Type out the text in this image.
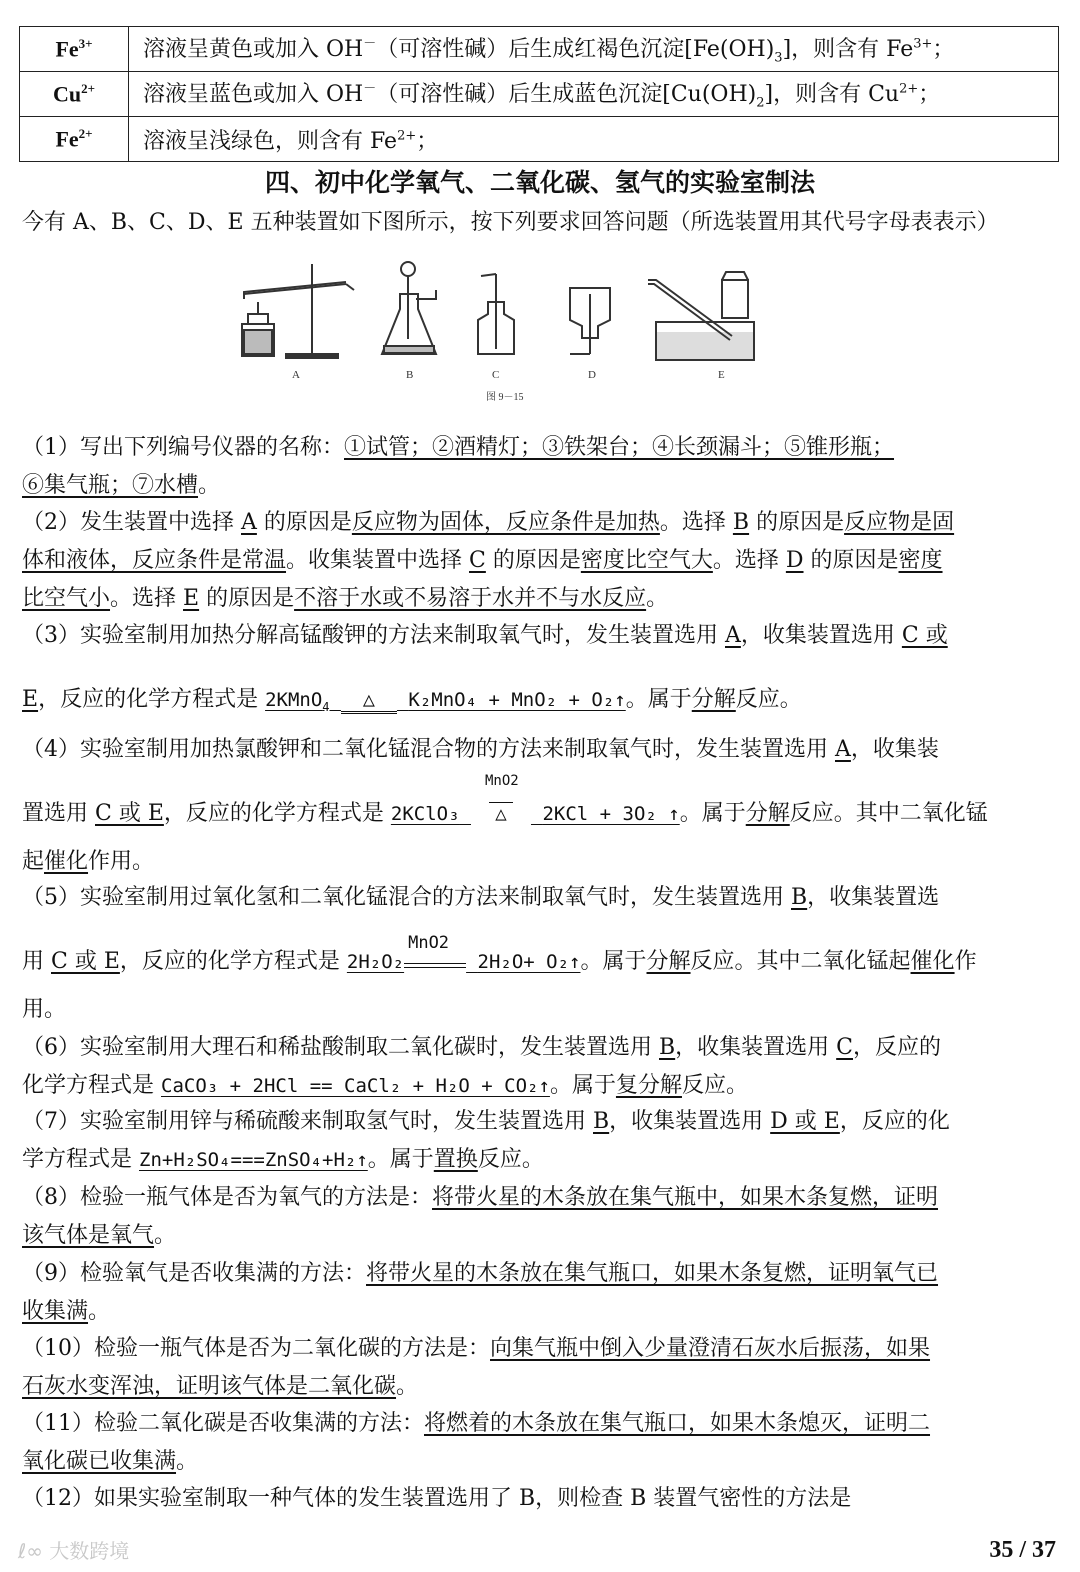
$Fe^{3+}$	溶液呈黄色或加入 OH－（可溶性碱）后生成红褐色沉淀$[Fe(OH)_3]$，则含有 $Fe^{3+}$；
$Cu^{2+}$	溶液呈蓝色或加入 OH－（可溶性碱）后生成蓝色沉淀$[Cu(OH)_2]$，则含有 $Cu^{2+}$；
$Fe^{2+}$	溶液呈浅绿色，则含有 $Fe^{2+}$；
四、初中化学氧气、二氧化碳、氢气的实验室制法
今有 A、B、C、D、E 五种装置如下图所示，按下列要求回答问题（所选装置用其代号字母表表示）
A	B	C	D	E
图 9－15
（1）写出下列编号仪器的名称：①试管；②酒精灯；③铁架台；④长颈漏斗；⑤锥形瓶；
⑥集气瓶；⑦水槽。
（2）发生装置中选择 A 的原因是反应物为固体，反应条件是加热。选择 B 的原因是反应物是固
体和液体，反应条件是常温。收集装置中选择 C 的原因是密度比空气大。选择 D 的原因是密度
比空气小。选择 E 的原因是不溶于水或不易溶于水并不与水反应。
（3）实验室制用加热分解高锰酸钾的方法来制取氧气时，发生装置选用 A，收集装置选用 C 或
E，反应的化学方程式是 2KMnO$_4$ △ K₂MnO₄ + MnO₂ + O₂↑。属于分解反应。
（4）实验室制用加热氯酸钾和二氧化锰混合物的方法来制取氧气时，发生装置选用 A，收集装
置选用 C 或 E，反应的化学方程式是 2KClO₃
MnO2
△ 2KCl + 3O₂ ↑。属于分解反应。其中二氧化锰
起催化作用。
（5）实验室制用过氧化氢和二氧化锰混合的方法来制取氧气时，发生装置选用 B，收集装置选
用 C 或 E，反应的化学方程式是 2H₂O₂
MnO2
2H₂O+ O₂↑。属于分解反应。其中二氧化锰起催化作
用。
（6）实验室制用大理石和稀盐酸制取二氧化碳时，发生装置选用 B，收集装置选用 C，反应的
化学方程式是 CaCO₃ + 2HCl == CaCl₂ + H₂O + CO₂↑。属于复分解反应。
（7）实验室制用锌与稀硫酸来制取氢气时，发生装置选用 B，收集装置选用 D 或 E，反应的化
学方程式是 Zn+H₂SO₄===ZnSO₄+H₂↑。属于置换反应。
（8）检验一瓶气体是否为氧气的方法是：将带火星的木条放在集气瓶中，如果木条复燃，证明
该气体是氧气。
（9）检验氧气是否收集满的方法：将带火星的木条放在集气瓶口，如果木条复燃，证明氧气已
收集满。
（10）检验一瓶气体是否为二氧化碳的方法是：向集气瓶中倒入少量澄清石灰水后振荡，如果
石灰水变浑浊，证明该气体是二氧化碳。
（11）检验二氧化碳是否收集满的方法：将燃着的木条放在集气瓶口，如果木条熄灭，证明二
氧化碳已收集满。
（12）如果实验室制取一种气体的发生装置选用了 B，则检查 B 装置气密性的方法是
ℓ∞ 大数跨境	35 / 37
